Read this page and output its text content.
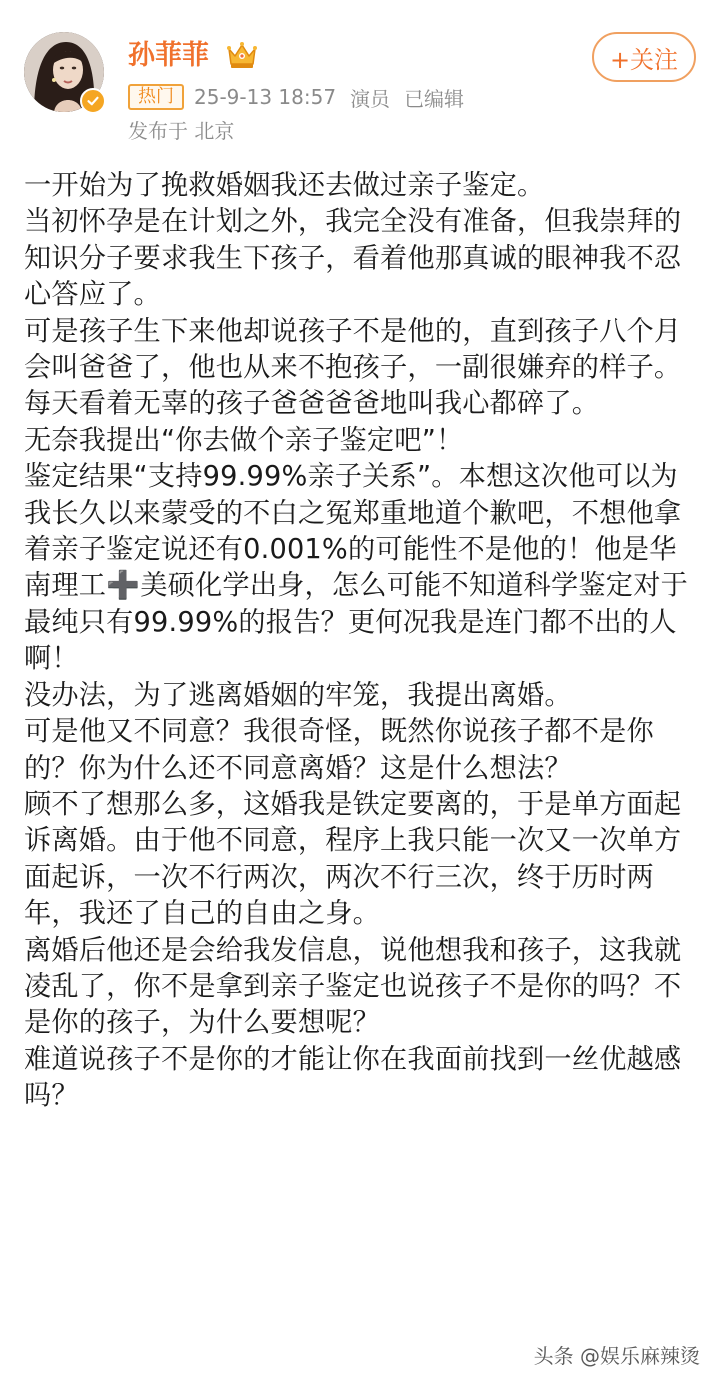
孙菲菲
热门	25-9-13 18:57 演员 已编辑
发布于 北京
+关注

一开始为了挽救婚姻我还去做过亲子鉴定。

当初怀孕是在计划之外，我完全没有准备，但我崇拜的知识分子要求我生下孩子，看着他那真诚的眼神我不忍心答应了。

可是孩子生下来他却说孩子不是他的，直到孩子八个月会叫爸爸了，他也从来不抱孩子，一副很嫌弃的样子。每天看着无辜的孩子爸爸爸爸地叫我心都碎了。

无奈我提出“你去做个亲子鉴定吧”！

鉴定结果“支持99.99%亲子关系”。本想这次他可以为我长久以来蒙受的不白之冤郑重地道个歉吧，不想他拿着亲子鉴定说还有0.001%的可能性不是他的！他是华南理工➕美硕化学出身，怎么可能不知道科学鉴定对于最纯只有99.99%的报告？更何况我是连门都不出的人啊！

没办法，为了逃离婚姻的牢笼，我提出离婚。

可是他又不同意？我很奇怪，既然你说孩子都不是你的？你为什么还不同意离婚？这是什么想法？

顾不了想那么多，这婚我是铁定要离的，于是单方面起诉离婚。由于他不同意，程序上我只能一次又一次单方面起诉，一次不行两次，两次不行三次，终于历时两年，我还了自己的自由之身。

离婚后他还是会给我发信息，说他想我和孩子，这我就凌乱了，你不是拿到亲子鉴定也说孩子不是你的吗？不是你的孩子，为什么要想呢？

难道说孩子不是你的才能让你在我面前找到一丝优越感吗？

头条 @娱乐麻辣烫
